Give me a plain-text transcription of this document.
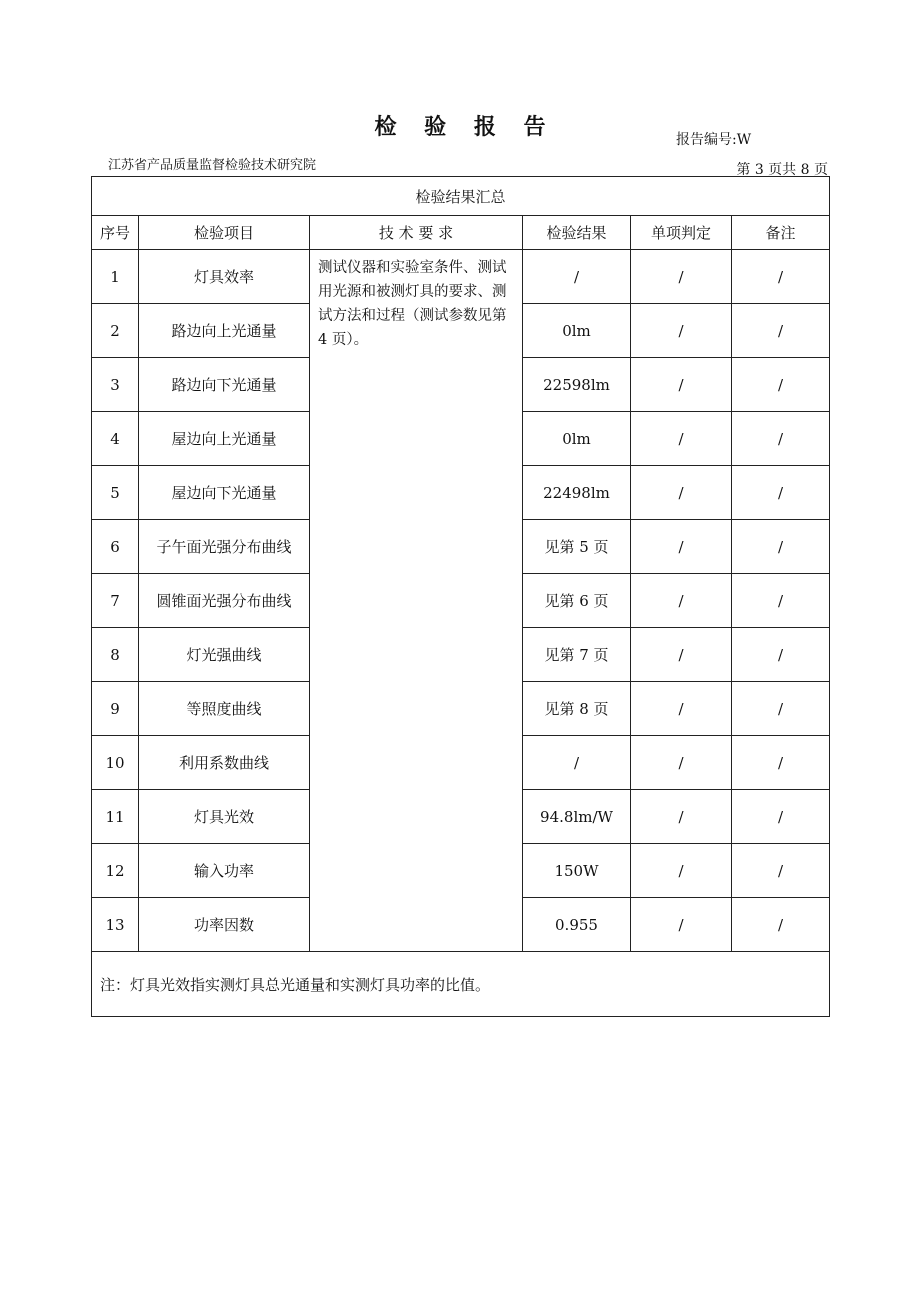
检 验 报 告	报告编号:W
江苏省产品质量监督检验技术研究院	第 3 页共 8 页
检验结果汇总					
序号	检验项目	技 术 要 求	检验结果	单项判定	备注
1	灯具效率	测试仪器和实验室条件、测试用光源和被测灯具的要求、测试方法和过程（测试参数见第 4 页）。	/	/	/
2	路边向上光通量		0lm	/	/
3	路边向下光通量		22598lm	/	/
4	屋边向上光通量		0lm	/	/
5	屋边向下光通量		22498lm	/	/
6	子午面光强分布曲线		见第 5 页	/	/
7	圆锥面光强分布曲线		见第 6 页	/	/
8	灯光强曲线		见第 7 页	/	/
9	等照度曲线		见第 8 页	/	/
10	利用系数曲线		/	/	/
11	灯具光效		94.8lm/W	/	/
12	输入功率		150W	/	/
13	功率因数		0.955	/	/
注：灯具光效指实测灯具总光通量和实测灯具功率的比值。					
